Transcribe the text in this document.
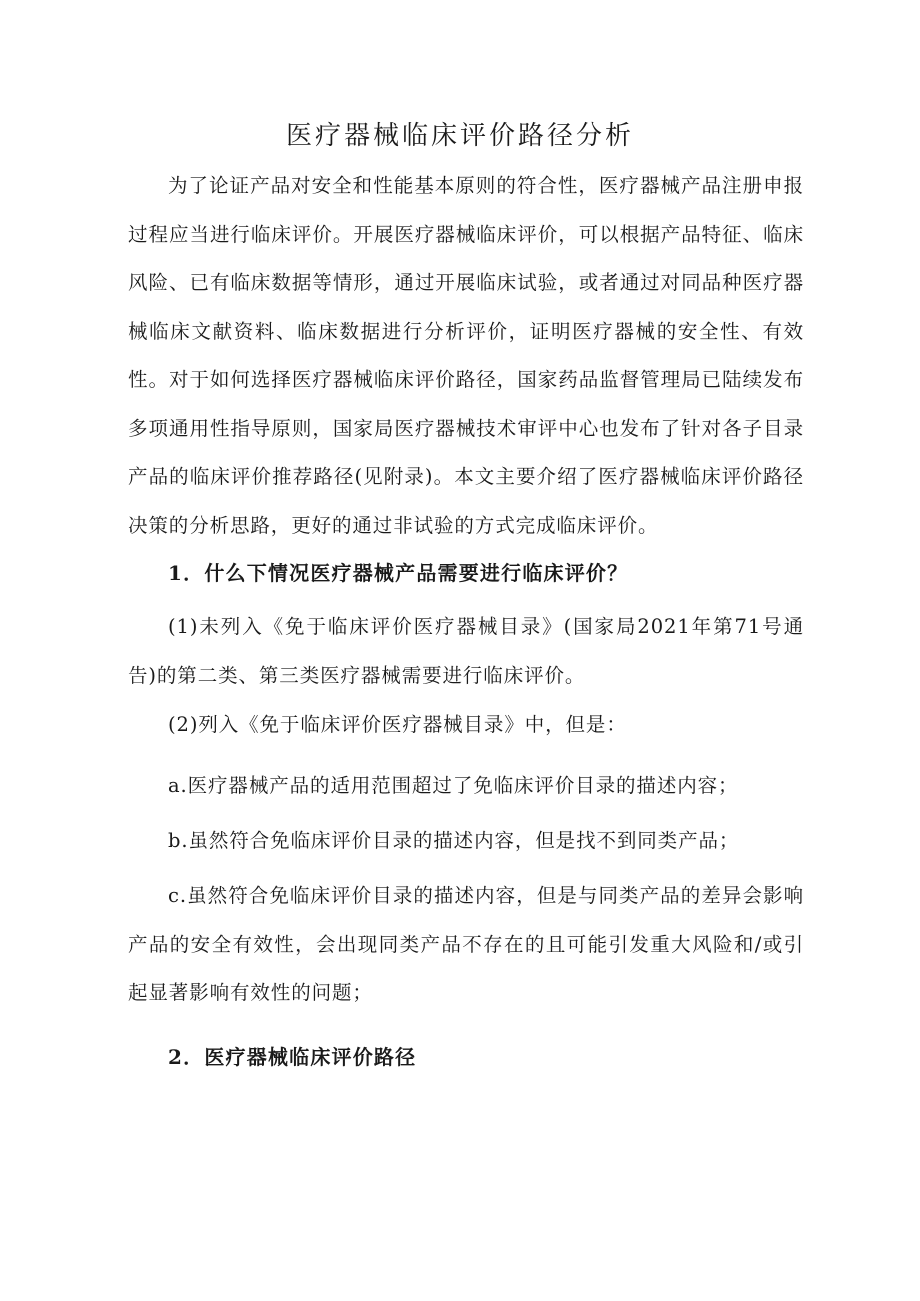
医疗器械临床评价路径分析
为了论证产品对安全和性能基本原则的符合性，医疗器械产品注册申报过程应当进行临床评价。开展医疗器械临床评价，可以根据产品特征、临床风险、已有临床数据等情形，通过开展临床试验，或者通过对同品种医疗器械临床文献资料、临床数据进行分析评价，证明医疗器械的安全性、有效性。对于如何选择医疗器械临床评价路径，国家药品监督管理局已陆续发布多项通用性指导原则，国家局医疗器械技术审评中心也发布了针对各子目录产品的临床评价推荐路径(见附录)。本文主要介绍了医疗器械临床评价路径决策的分析思路，更好的通过非试验的方式完成临床评价。
1．什么下情况医疗器械产品需要进行临床评价？
(1)未列入《免于临床评价医疗器械目录》(国家局2021年第71号通告)的第二类、第三类医疗器械需要进行临床评价。
(2)列入《免于临床评价医疗器械目录》中，但是：
a.医疗器械产品的适用范围超过了免临床评价目录的描述内容；
b.虽然符合免临床评价目录的描述内容，但是找不到同类产品；
c.虽然符合免临床评价目录的描述内容，但是与同类产品的差异会影响产品的安全有效性，会出现同类产品不存在的且可能引发重大风险和/或引起显著影响有效性的问题；
2．医疗器械临床评价路径
